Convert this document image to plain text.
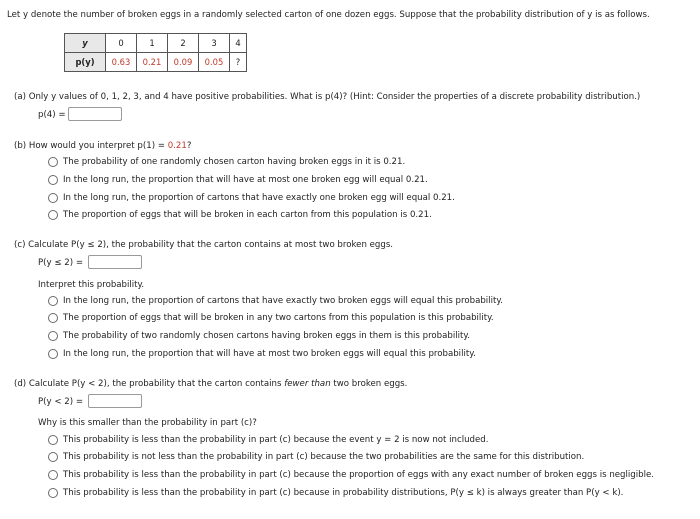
Let y denote the number of broken eggs in a randomly selected carton of one dozen eggs. Suppose that the probability distribution of y is as follows.
y	0	1	2	3	4
p(y)	0.63	0.21	0.09	0.05	?
(a) Only y values of 0, 1, 2, 3, and 4 have positive probabilities. What is p(4)? (Hint: Consider the properties of a discrete probability distribution.)
p(4) =
(b) How would you interpret p(1) = 0.21?
The probability of one randomly chosen carton having broken eggs in it is 0.21.
In the long run, the proportion that will have at most one broken egg will equal 0.21.
In the long run, the proportion of cartons that have exactly one broken egg will equal 0.21.
The proportion of eggs that will be broken in each carton from this population is 0.21.
(c) Calculate P(y ≤ 2), the probability that the carton contains at most two broken eggs.
P(y ≤ 2) =
Interpret this probability.
In the long run, the proportion of cartons that have exactly two broken eggs will equal this probability.
The proportion of eggs that will be broken in any two cartons from this population is this probability.
The probability of two randomly chosen cartons having broken eggs in them is this probability.
In the long run, the proportion that will have at most two broken eggs will equal this probability.
(d) Calculate P(y < 2), the probability that the carton contains fewer than two broken eggs.
P(y < 2) =
Why is this smaller than the probability in part (c)?
This probability is less than the probability in part (c) because the event y = 2 is now not included.
This probability is not less than the probability in part (c) because the two probabilities are the same for this distribution.
This probability is less than the probability in part (c) because the proportion of eggs with any exact number of broken eggs is negligible.
This probability is less than the probability in part (c) because in probability distributions, P(y ≤ k) is always greater than P(y < k).
